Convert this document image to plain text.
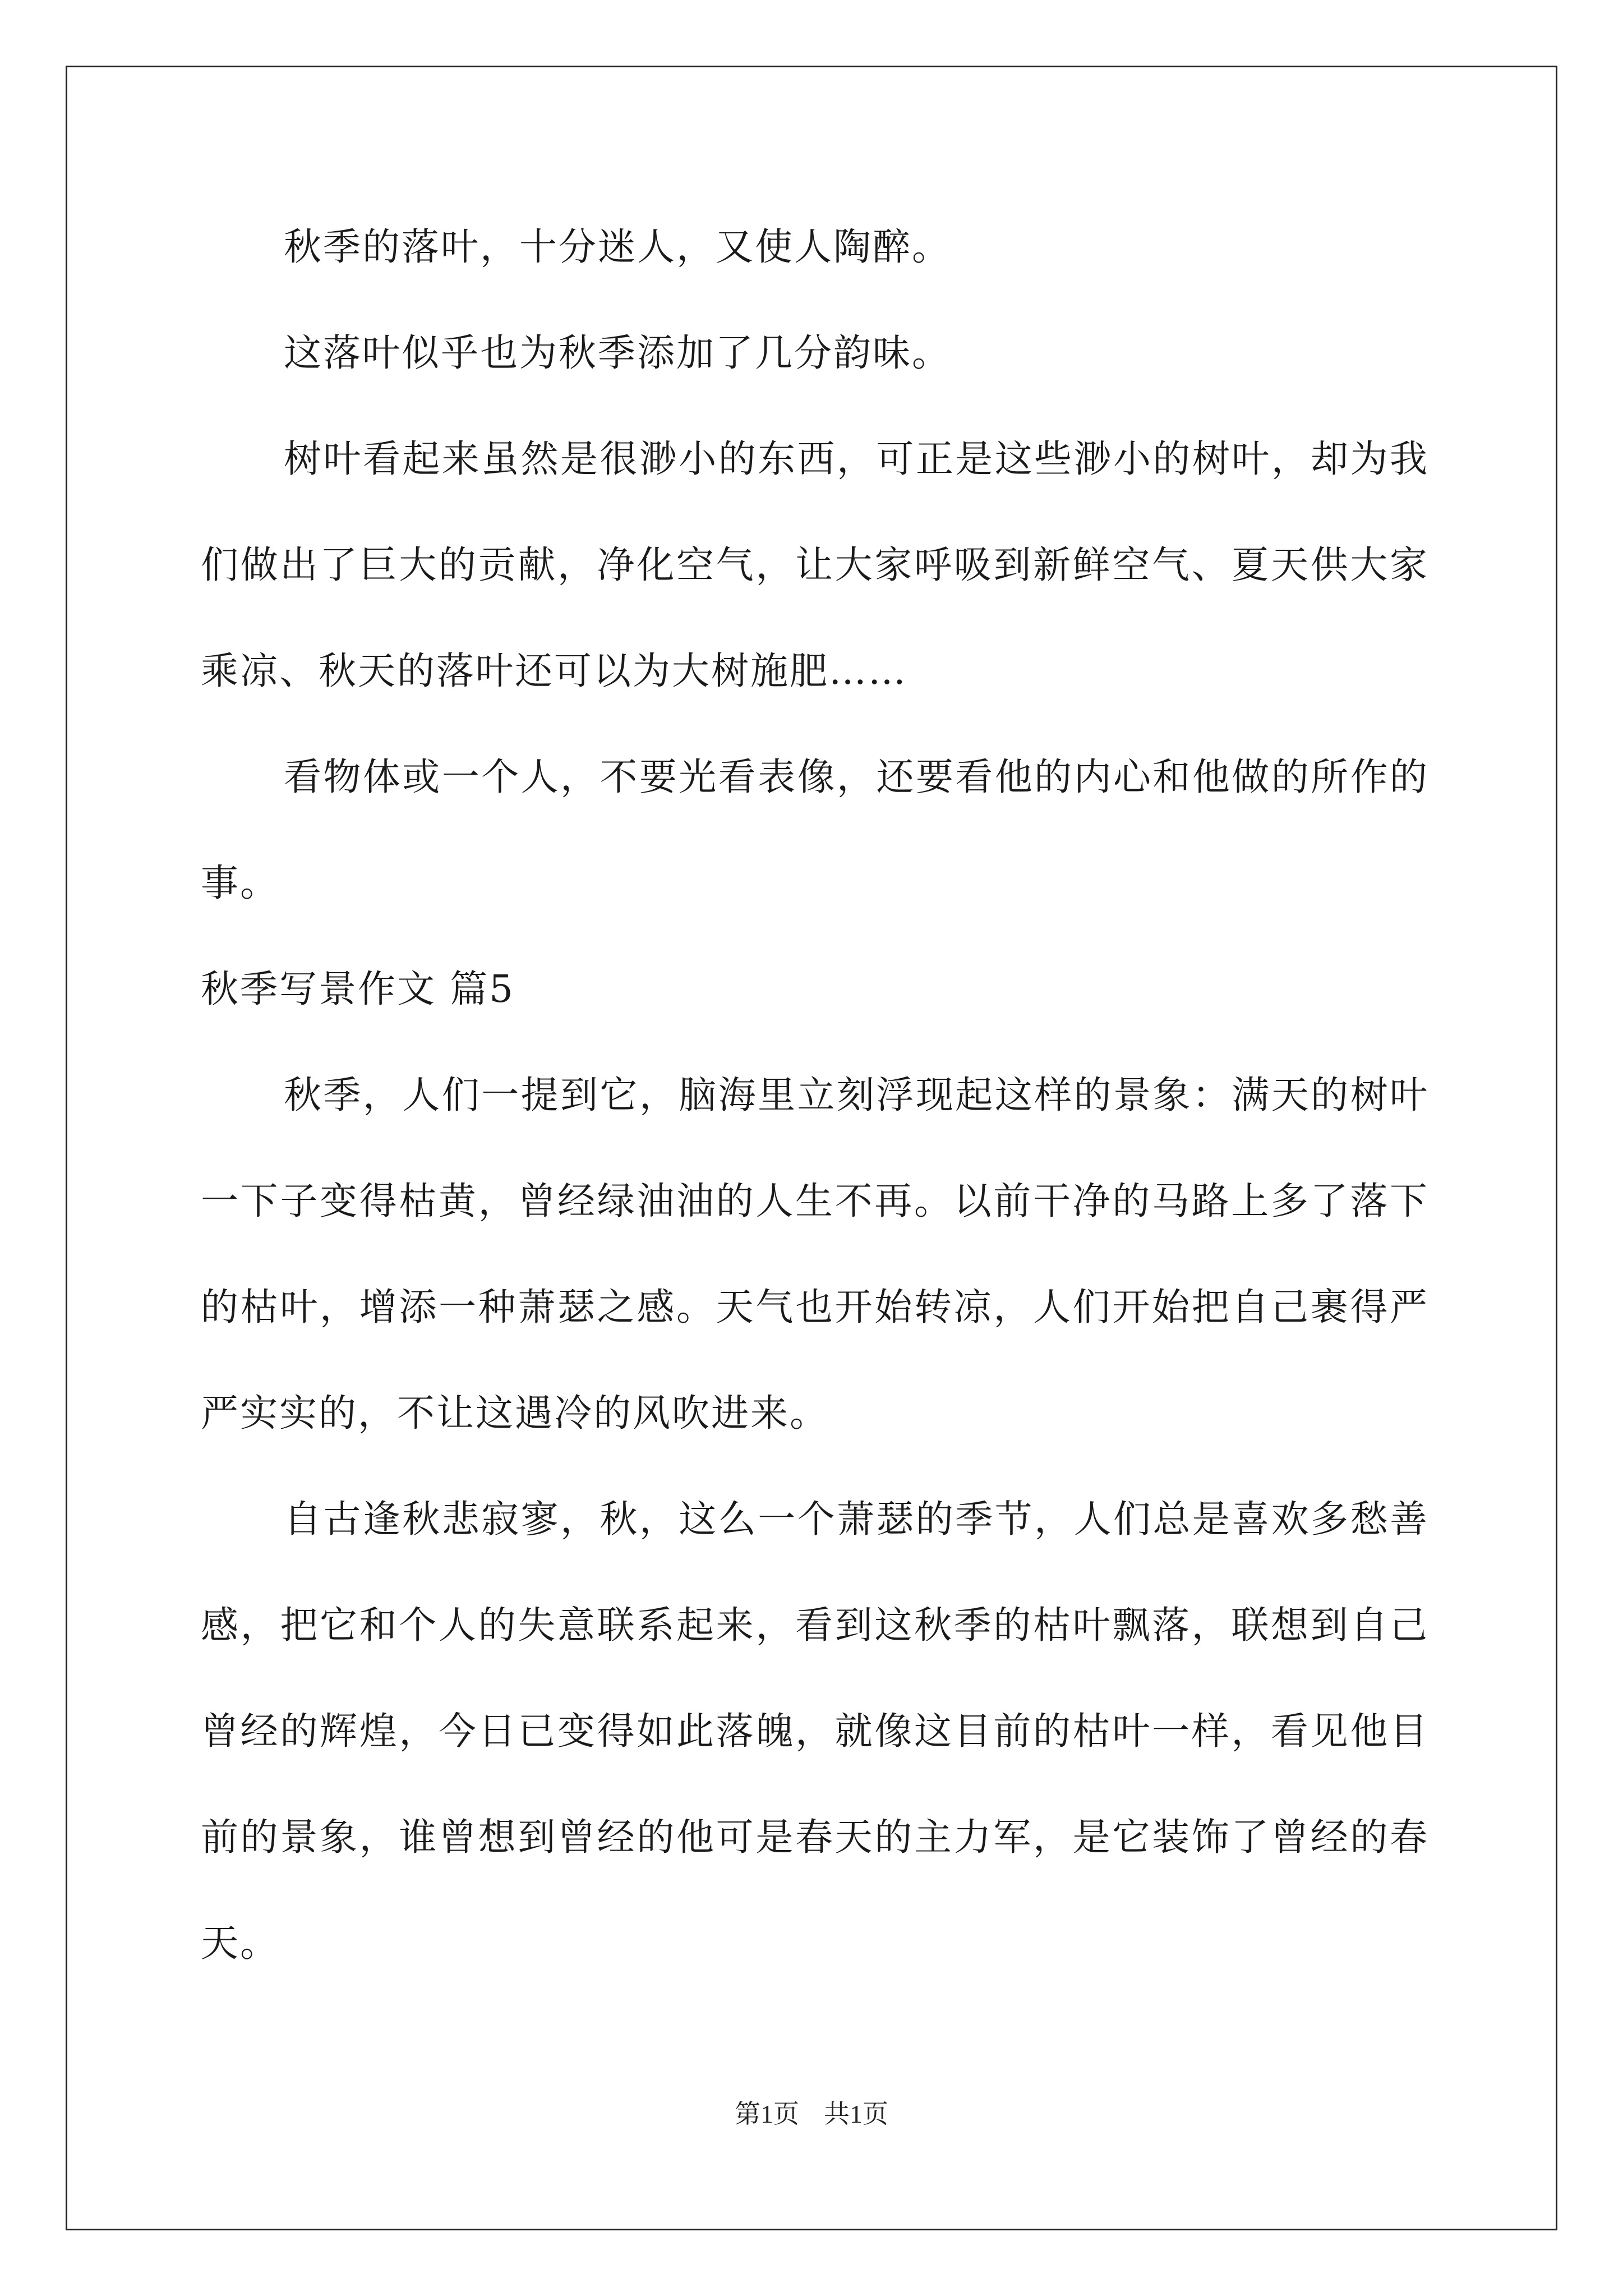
秋季的落叶，十分迷人，又使人陶醉。

这落叶似乎也为秋季添加了几分韵味。

树叶看起来虽然是很渺小的东西，可正是这些渺小的树叶，却为我们做出了巨大的贡献，净化空气，让大家呼吸到新鲜空气、夏天供大家乘凉、秋天的落叶还可以为大树施肥……

看物体或一个人，不要光看表像，还要看他的内心和他做的所作的事。

秋季写景作文 篇5

秋季，人们一提到它，脑海里立刻浮现起这样的景象：满天的树叶一下子变得枯黄，曾经绿油油的人生不再。以前干净的马路上多了落下的枯叶，增添一种萧瑟之感。天气也开始转凉，人们开始把自己裹得严严实实的，不让这遇冷的风吹进来。

自古逢秋悲寂寥，秋，这么一个萧瑟的季节，人们总是喜欢多愁善感，把它和个人的失意联系起来，看到这秋季的枯叶飘落，联想到自己曾经的辉煌，今日已变得如此落魄，就像这目前的枯叶一样，看见他目前的景象，谁曾想到曾经的他可是春天的主力军，是它装饰了曾经的春天。

第1页 共1页
